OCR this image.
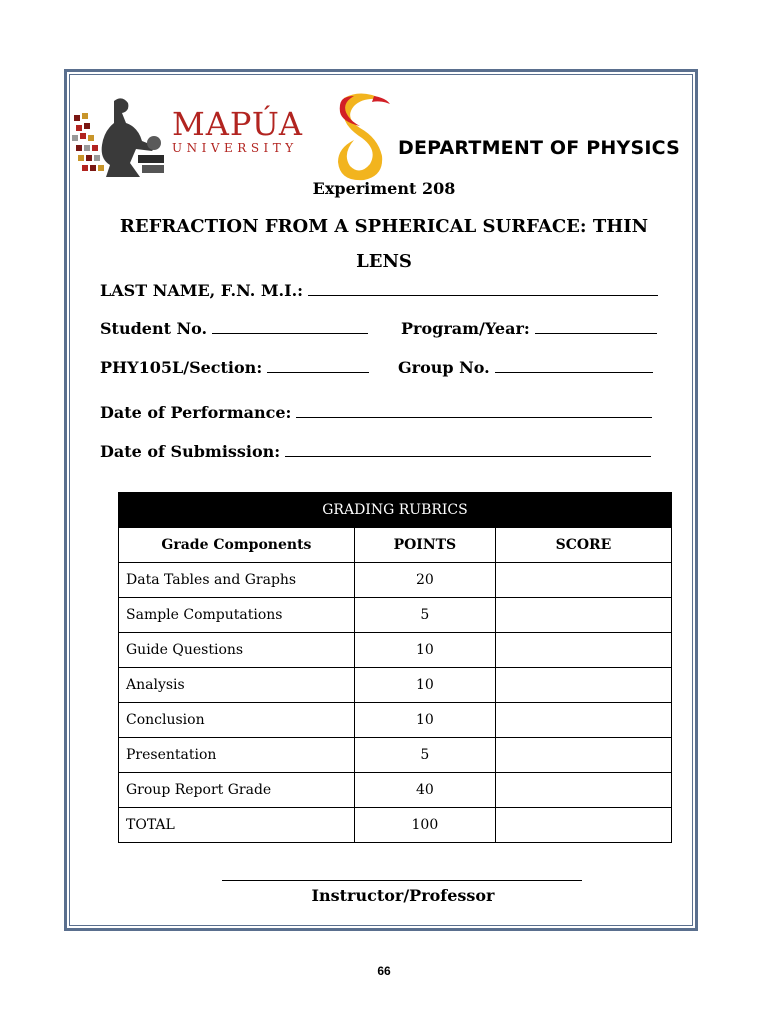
MAPÚA
UNIVERSITY	DEPARTMENT OF PHYSICS
Experiment 208
REFRACTION FROM A SPHERICAL SURFACE: THIN LENS
LAST NAME, F.N. M.I.:
Student No.	Program/Year:
PHY105L/Section:	Group No.
Date of Performance:
Date of Submission:
GRADING RUBRICS		
Grade Components	POINTS	SCORE
Data Tables and Graphs	20	
Sample Computations	5	
Guide Questions	10	
Analysis	10	
Conclusion	10	
Presentation	5	
Group Report Grade	40	
TOTAL	100	
Instructor/Professor
66
